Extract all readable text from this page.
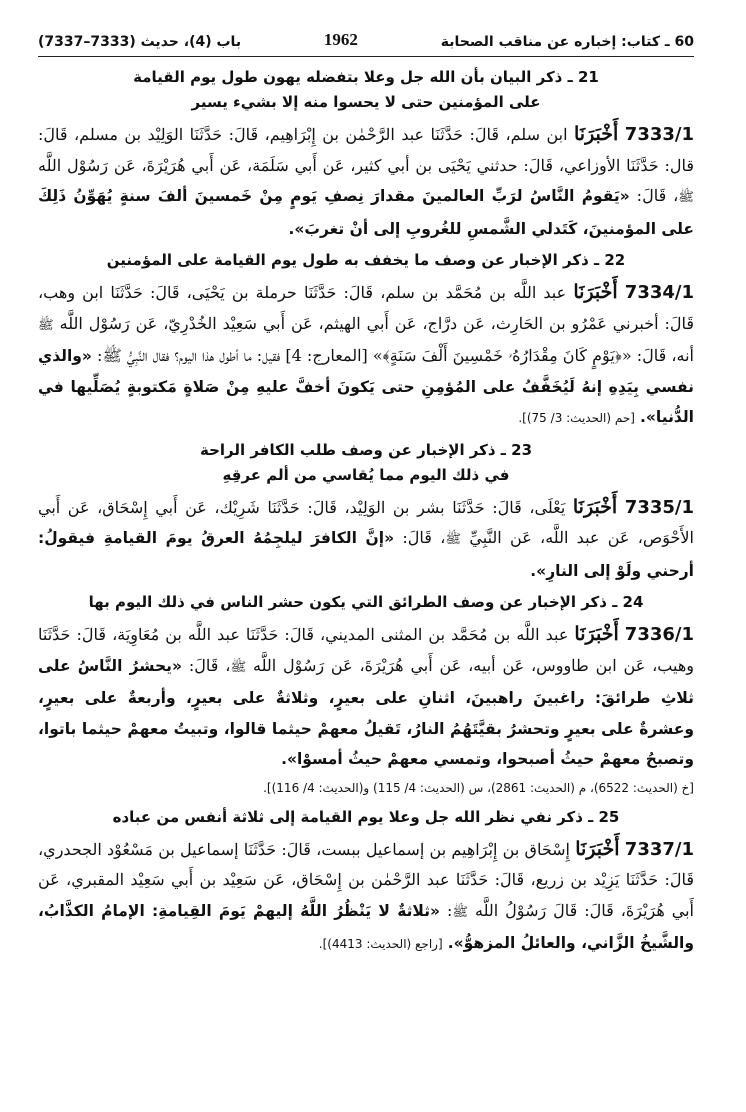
باب (4)، حديث (7333–7337)	1962	60 ـ كتاب: إخباره عن مناقب الصحابة

21 ـ ذكر البيان بأن الله جل وعلا بتفضله يهون طول يوم القيامة

على المؤمنين حتى لا يحسوا منه إلا بشيء يسير

7333/1 أَخْبَرَنَا ابن سلم، قَالَ: حَدَّثَنَا عبد الرَّحْمٰن بن إِبْرَاهِيم، قَالَ: حَدَّثَنَا الوَلِيْد بن مسلم، قَالَ: قال: حَدَّثَنَا الأوزاعي، قَالَ: حدثني يَحْيَى بن أبي كثير، عَن أَبي سَلَمَة، عَن أَبي هُرَيْرَةَ، عَن رَسُوْل اللَّه ﷺ، قَالَ: «يَقومُ النَّاسُ لرَبِّ العالمينَ مقدارَ نِصفِ يَومٍ مِنْ خَمسينَ ألفَ سنةٍ يُهَوِّنُ ذَلِكَ على المؤمنينَ، كَتَدلي الشَّمسِ للغُروبِ إلى أنْ تغربَ».

22 ـ ذكر الإخبار عن وصف ما يخفف به طول يوم القيامة على المؤمنين

7334/1 أَخْبَرَنَا عبد اللَّه بن مُحَمَّد بن سلم، قَالَ: حَدَّثَنَا حرملة بن يَحْيَى، قَالَ: حَدَّثَنَا ابن وهب، قَالَ: أخبرني عَمْرُو بن الحَارِث، عَن درَّاج، عَن أَبي الهيثم، عَن أَبي سَعِيْد الخُدْرِيّ، عَن رَسُوْل اللَّه ﷺ أنه، قَالَ: «﴿يَوْمٍ كَانَ مِقْدَارُهُۥ خَمْسِينَ أَلْفَ سَنَةٍ﴾» [المعارج: 4] فقيل: ما أطول هذا اليوم؟ فقال النَّبِيُّ ﷺ: «والذي نفسي بِيَدِهِ إنهُ لَيُخَفَّفُ على المُؤمِنِ حتى يَكونَ أخفَّ عليهِ مِنْ صَلاةٍ مَكتوبةٍ يُصَلِّيها في الدُّنيا». [حم (الحديث: 3/ 75)].

23 ـ ذكر الإخبار عن وصف طلب الكافر الراحة

في ذلك اليوم مما يُقاسي من ألم عرقِهِ

7335/1 أَخْبَرَنَا يَعْلَى، قَالَ: حَدَّثَنَا بشر بن الوَلِيْد، قَالَ: حَدَّثَنَا شَرِيْك، عَن أَبي إِسْحَاق، عَن أَبي الأَحْوَص، عَن عبد اللَّه، عَن النَّبِيِّ ﷺ، قَالَ: «إنَّ الكافرَ ليلجِمُهُ العرقُ يومَ القيامةِ فيقولُ: أرحني ولَوْ إلى النارِ».

24 ـ ذكر الإخبار عن وصف الطرائق التي يكون حشر الناس في ذلك اليوم بها

7336/1 أَخْبَرَنَا عبد اللَّه بن مُحَمَّد بن المثنى المديني، قَالَ: حَدَّثَنَا عبد اللَّه بن مُعَاوِيَة، قَالَ: حَدَّثَنَا وهيب، عَن ابن طاووس، عَن أبيه، عَن أَبي هُرَيْرَةَ، عَن رَسُوْل اللَّه ﷺ، قَالَ: «يحشرُ النَّاسُ على ثلاثِ طرائقَ: راغبينَ راهبينَ، اثنانِ على بعيرٍ، وثلاثةٌ على بعيرٍ، وأربعةٌ على بعيرٍ، وعشرةٌ على بعيرٍ وتحشرُ بقيَّتَهُمُ النارُ، تَقيلُ معهمْ حيثما قالوا، وتبيتُ معهمْ حيثما باتوا، وتصبحُ معهمْ حيثُ أصبحوا، وتمسي معهمْ حيثُ أمسوْا».

[خ (الحديث: 6522)، م (الحديث: 2861)، س (الحديث: 4/ 115) و(الحديث: 4/ 116)].

25 ـ ذكر نفي نظر الله جل وعلا يوم القيامة إلى ثلاثة أنفس من عباده

7337/1 أَخْبَرَنَا إِسْحَاق بن إِبْرَاهِيم بن إسماعيل ببست، قَالَ: حَدَّثَنَا إسماعيل بن مَسْعُوْد الجحدري، قَالَ: حَدَّثَنَا يَزِيْد بن زريع، قَالَ: حَدَّثَنَا عبد الرَّحْمٰن بن إِسْحَاق، عَن سَعِيْد بن أَبي سَعِيْد المقبري، عَن أَبي هُرَيْرَةَ، قَالَ: قَالَ رَسُوْلُ اللَّه ﷺ: «ثلاثةٌ لا يَنْظُرُ اللَّهُ إليهمْ يَومَ القِيامةِ: الإمامُ الكذَّابُ، والشَّيخُ الزَّاني، والعائلُ المزهوُّ». [راجع (الحديث: 4413)].
